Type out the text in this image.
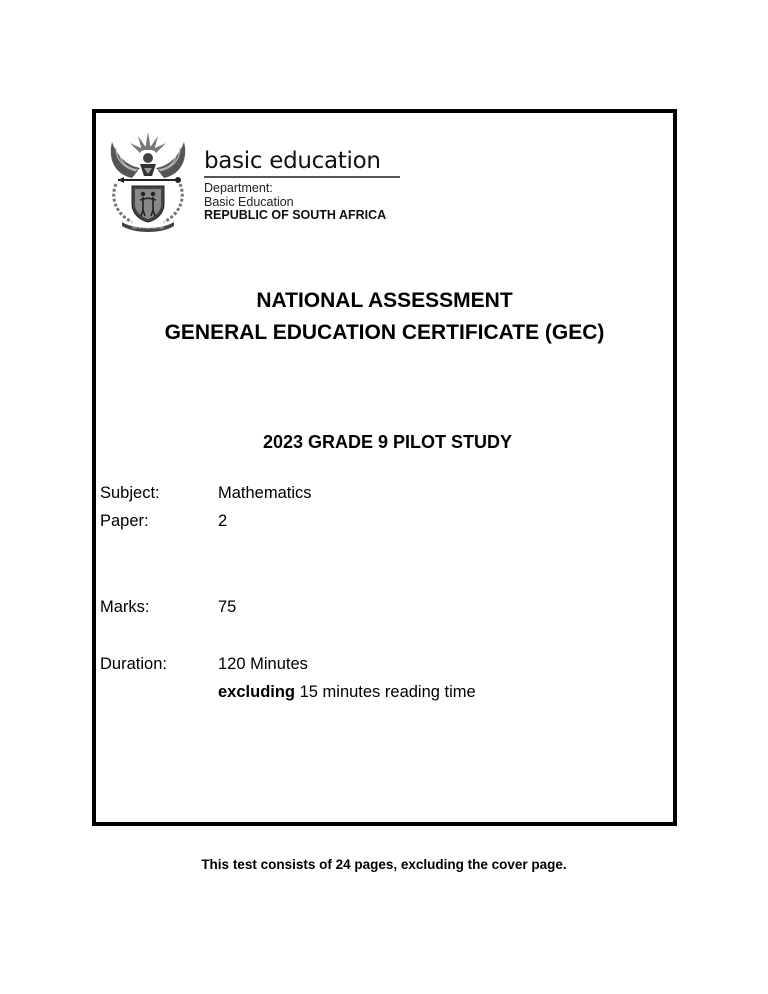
!KE E: /XARRA //KE
basic education
Department:
Basic Education
REPUBLIC OF SOUTH AFRICA
NATIONAL ASSESSMENT
GENERAL EDUCATION CERTIFICATE (GEC)
2023 GRADE 9 PILOT STUDY
Subject:	Mathematics
Paper:	2
Marks:	75
Duration:	120 Minutes
excluding 15 minutes reading time
This test consists of 24 pages, excluding the cover page.
